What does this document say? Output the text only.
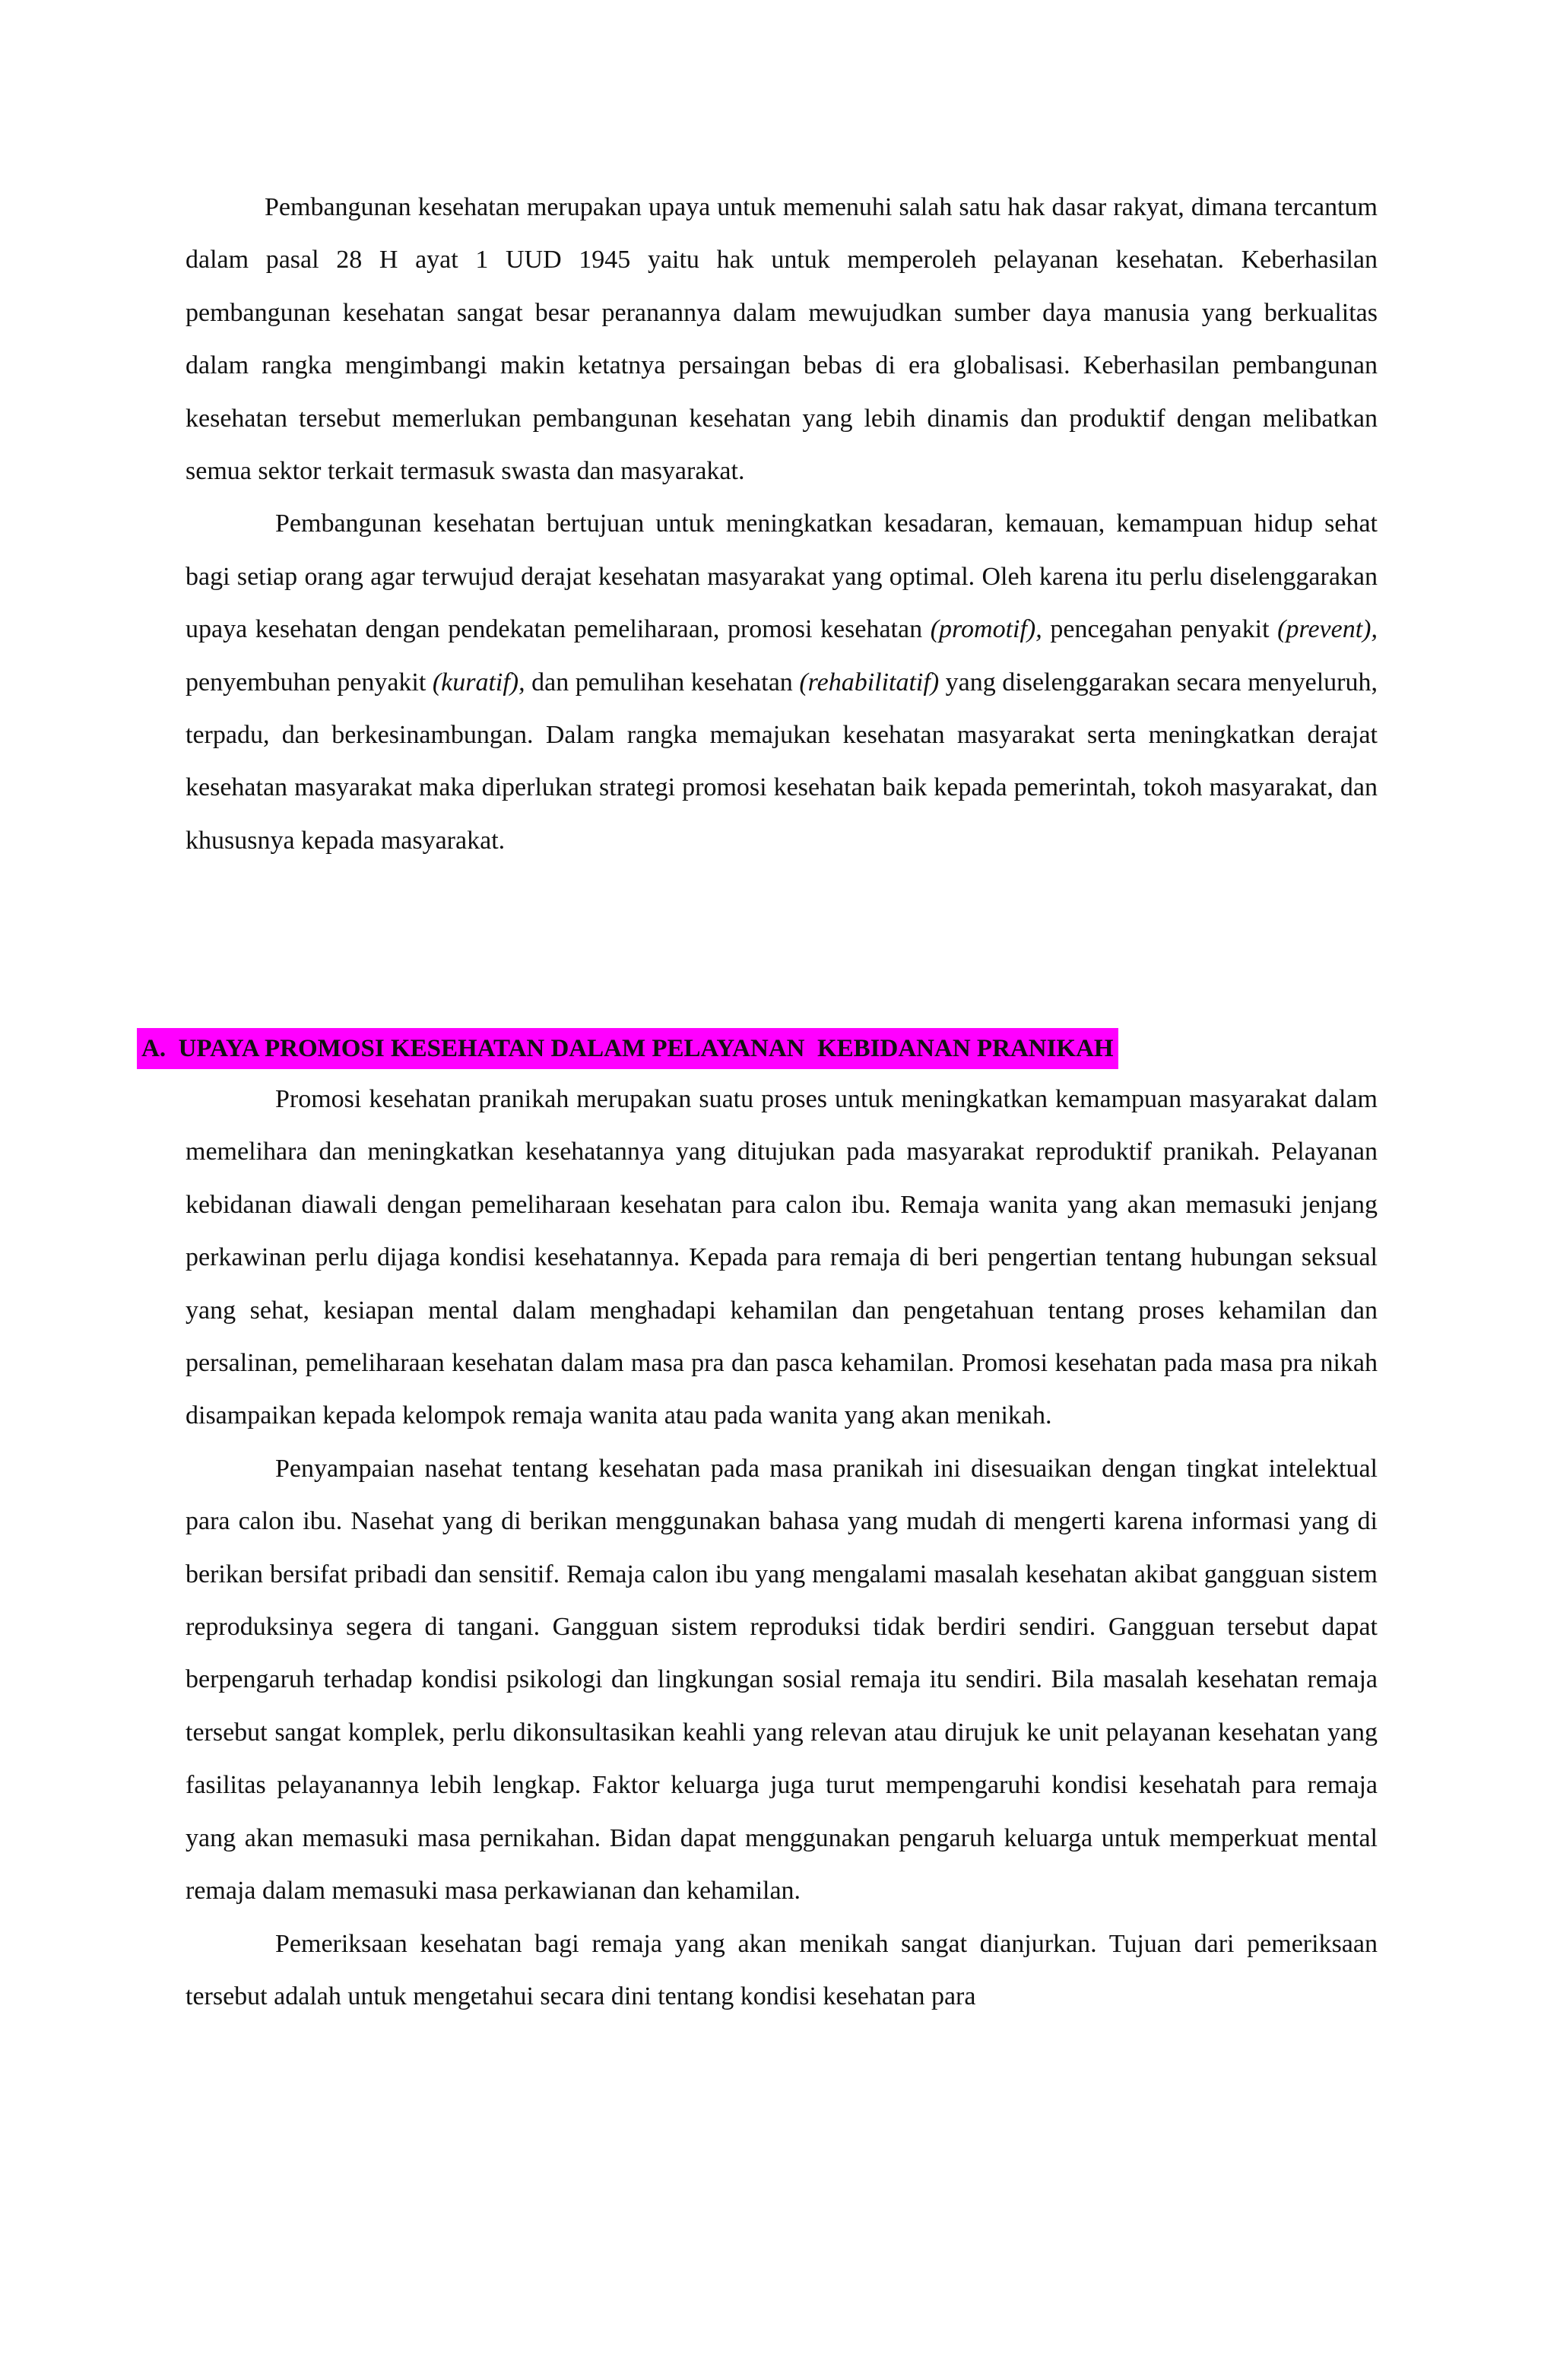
Pembangunan kesehatan merupakan upaya untuk memenuhi salah satu hak dasar rakyat, dimana tercantum dalam pasal 28 H ayat 1 UUD 1945 yaitu hak untuk memperoleh pelayanan kesehatan. Keberhasilan pembangunan kesehatan sangat besar peranannya dalam mewujudkan sumber daya manusia yang berkualitas dalam rangka mengimbangi makin ketatnya persaingan bebas di era globalisasi. Keberhasilan pembangunan kesehatan tersebut memerlukan pembangunan kesehatan yang lebih dinamis dan produktif dengan melibatkan semua sektor terkait termasuk swasta dan masyarakat.

Pembangunan kesehatan bertujuan untuk meningkatkan kesadaran, kemauan, kemampuan hidup sehat bagi setiap orang agar terwujud derajat kesehatan masyarakat yang optimal. Oleh karena itu perlu diselenggarakan upaya kesehatan dengan pendekatan pemeliharaan, promosi kesehatan (promotif), pencegahan penyakit (prevent), penyembuhan penyakit (kuratif), dan pemulihan kesehatan (rehabilitatif) yang diselenggarakan secara menyeluruh, terpadu, dan berkesinambungan. Dalam rangka memajukan kesehatan masyarakat serta meningkatkan derajat kesehatan masyarakat maka diperlukan strategi promosi kesehatan baik kepada pemerintah, tokoh masyarakat, dan khususnya kepada masyarakat.

A.  UPAYA PROMOSI KESEHATAN DALAM PELAYANAN  KEBIDANAN PRANIKAH

Promosi kesehatan pranikah merupakan suatu proses untuk meningkatkan kemampuan masyarakat dalam memelihara dan meningkatkan kesehatannya yang ditujukan pada masyarakat reproduktif pranikah. Pelayanan kebidanan diawali dengan pemeliharaan kesehatan para calon ibu. Remaja wanita yang akan memasuki jenjang perkawinan perlu dijaga kondisi kesehatannya. Kepada para remaja di beri pengertian tentang hubungan seksual yang sehat, kesiapan mental dalam menghadapi kehamilan dan pengetahuan tentang proses kehamilan dan persalinan, pemeliharaan kesehatan dalam masa pra dan pasca kehamilan. Promosi kesehatan pada masa pra nikah disampaikan kepada kelompok remaja wanita atau pada wanita yang akan menikah.

Penyampaian nasehat tentang kesehatan pada masa pranikah ini disesuaikan dengan tingkat intelektual para calon ibu. Nasehat yang di berikan menggunakan bahasa yang mudah di mengerti karena informasi yang di berikan bersifat pribadi dan sensitif. Remaja calon ibu yang mengalami masalah kesehatan akibat gangguan sistem reproduksinya segera di tangani. Gangguan sistem reproduksi tidak berdiri sendiri. Gangguan tersebut dapat berpengaruh terhadap kondisi psikologi dan lingkungan sosial remaja itu sendiri. Bila masalah kesehatan remaja tersebut sangat komplek, perlu dikonsultasikan keahli yang relevan atau dirujuk ke unit pelayanan kesehatan yang fasilitas pelayanannya lebih lengkap. Faktor keluarga juga turut mempengaruhi kondisi kesehatah para remaja yang akan memasuki masa pernikahan. Bidan dapat menggunakan pengaruh keluarga untuk memperkuat mental remaja dalam memasuki masa perkawianan dan kehamilan.

Pemeriksaan kesehatan bagi remaja yang akan menikah sangat dianjurkan. Tujuan dari pemeriksaan tersebut adalah untuk mengetahui secara dini tentang kondisi kesehatan para
